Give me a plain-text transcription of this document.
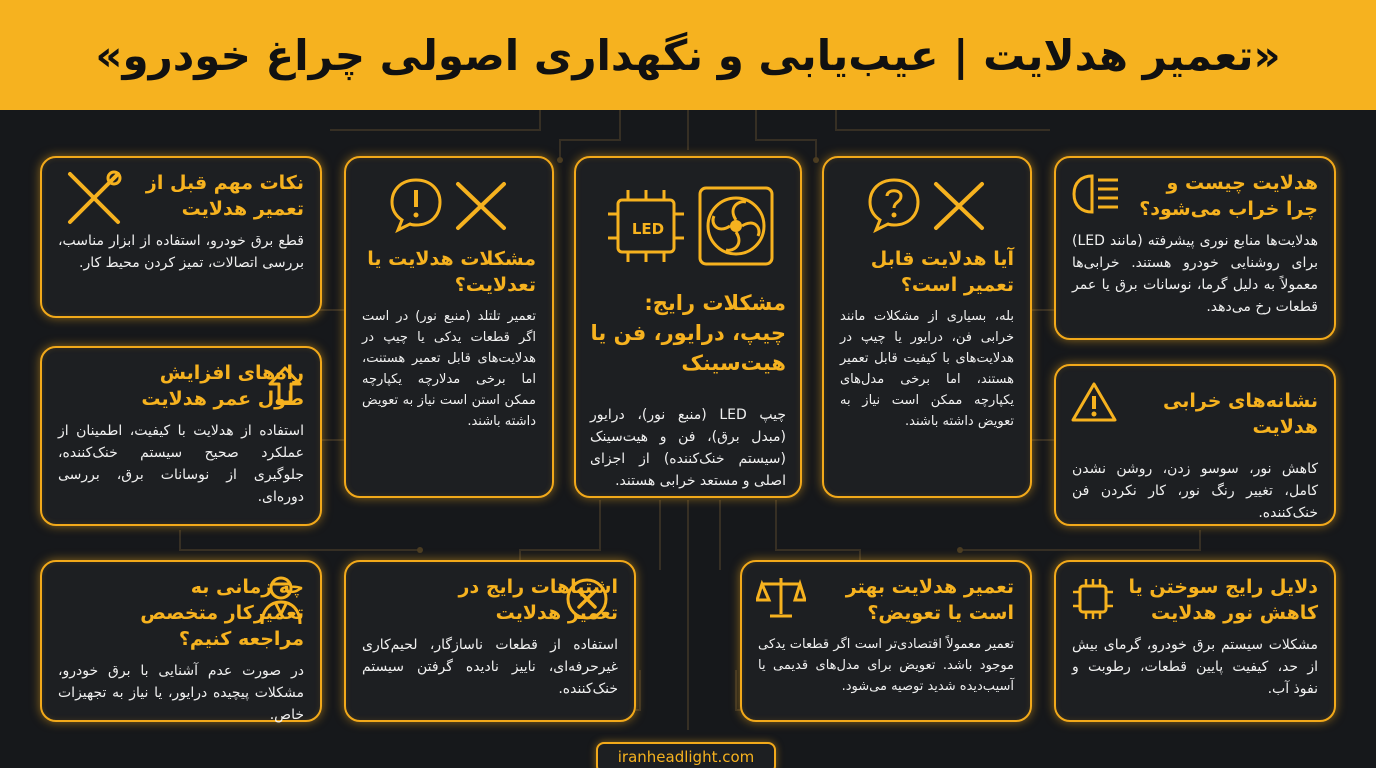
«تعمیر هدلایت | عیب‌یابی و نگهداری اصولی چراغ خودرو»
هدلایت چیست و چرا خراب می‌شود؟
هدلایت‌ها منابع نوری پیشرفته (مانند LED) برای روشنایی خودرو هستند. خرابی‌ها معمولاً به دلیل گرما، نوسانات برق یا عمر قطعات رخ می‌دهد.
آیا هدلایت قابل تعمیر است؟
بله، بسیاری از مشکلات مانند خرابی فن، درایور یا چیپ در هدلایت‌های با کیفیت قابل تعمیر هستند، اما برخی مدل‌های یکپارچه ممکن است نیاز به تعویض داشته باشند.
مشکلات رایج: چیپ، درایور، فن یا هیت‌سینک
چیپ LED (منبع نور)، درایور (مبدل برق)، فن و هیت‌سینک (سیستم خنک‌کننده) از اجزای اصلی و مستعد خرابی هستند.
LED
مشکلات هدلایت یا تعدلایت؟
تعمیر تلتلد (منبع نور) در است اگر قطعات یدکی یا چیپ در هدلایت‌های قابل تعمیر هستنت، اما برخی مدلارچه یکپارچه ممکن استن است نیاز به تعویض داشته باشند.
نکات مهم قبل از تعمیر هدلایت
قطع برق خودرو، استفاده از ابزار مناسب، بررسی اتصالات، تمیز کردن محیط کار.
نشانه‌های خرابی هدلایت
کاهش نور، سوسو زدن، روشن نشدن کامل، تغییر رنگ نور، کار نکردن فن خنک‌کننده.
راه‌های افزایش طول عمر هدلایت
استفاده از هدلایت با کیفیت، اطمینان از عملکرد صحیح سیستم خنک‌کننده، جلوگیری از نوسانات برق، بررسی دوره‌ای.
دلایل رایج سوختن یا کاهش نور هدلایت
مشکلات سیستم برق خودرو، گرمای بیش از حد، کیفیت پایین قطعات، رطوبت و نفوذ آب.
تعمیر هدلایت بهتر است یا تعویض؟
تعمیر معمولاً اقتصادی‌تر است اگر قطعات یدکی موجود باشد. تعویض برای مدل‌های قدیمی یا آسیب‌دیده شدید توصیه می‌شود.
اشتباهات رایج در تعمیر هدلایت
استفاده از قطعات ناسازگار، لحیم‌کاری غیرحرفه‌ای، ناییز نادیده گرفتن سیستم خنک‌کننده.
چه زمانی به تعمیرکار متخصص مراجعه کنیم؟
در صورت عدم آشنایی با برق خودرو، مشکلات پیچیده درایور، یا نیاز به تجهیزات خاص.
iranheadlight.com
